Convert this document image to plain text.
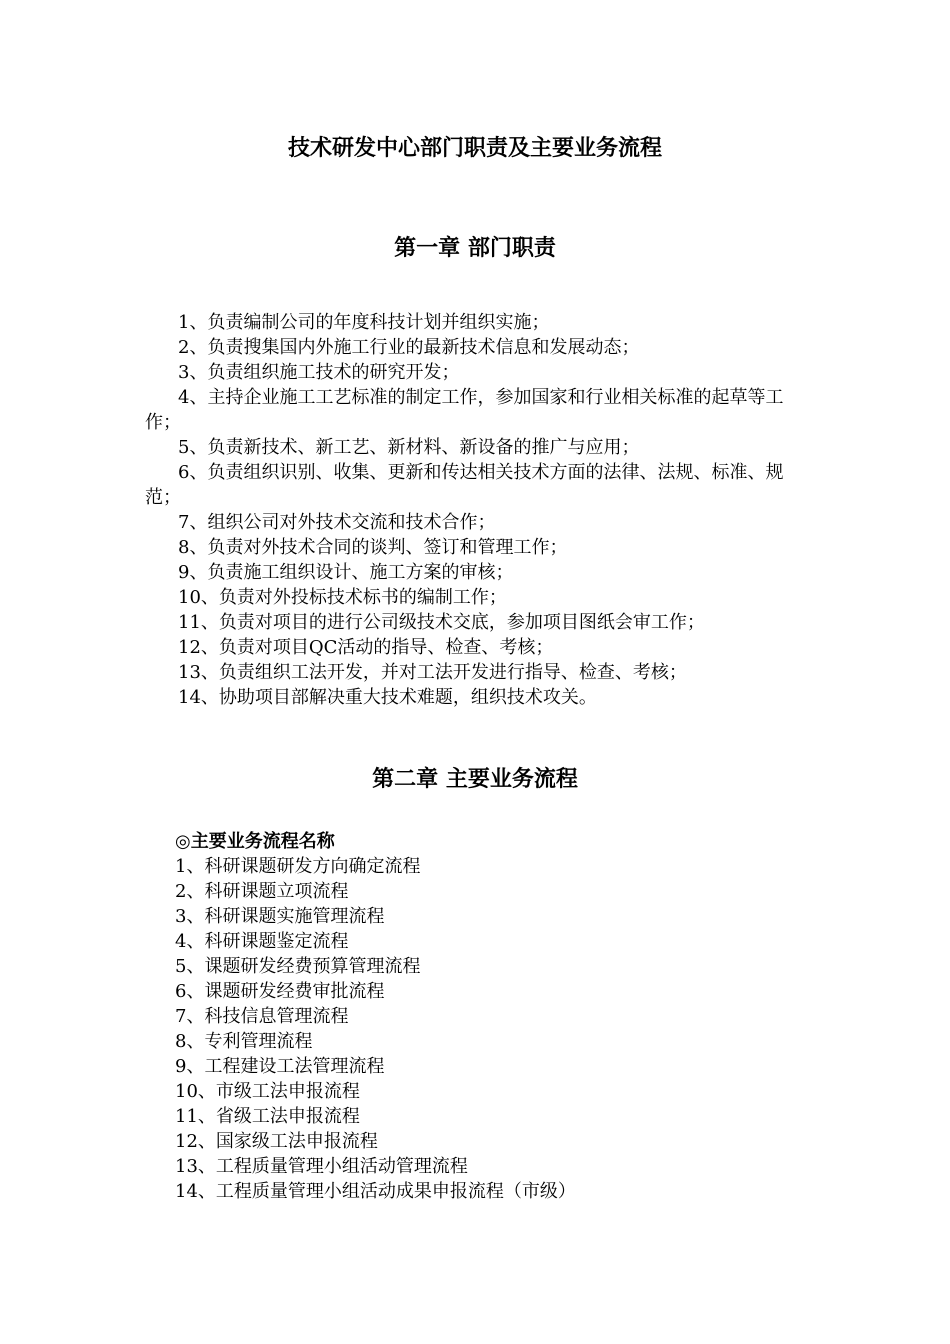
技术研发中心部门职责及主要业务流程
第一章 部门职责
1、负责编制公司的年度科技计划并组织实施；
2、负责搜集国内外施工行业的最新技术信息和发展动态；
3、负责组织施工技术的研究开发；
4、主持企业施工工艺标准的制定工作，参加国家和行业相关标准的起草等工作；
5、负责新技术、新工艺、新材料、新设备的推广与应用；
6、负责组织识别、收集、更新和传达相关技术方面的法律、法规、标准、规范；
7、组织公司对外技术交流和技术合作；
8、负责对外技术合同的谈判、签订和管理工作；
9、负责施工组织设计、施工方案的审核；
10、负责对外投标技术标书的编制工作；
11、负责对项目的进行公司级技术交底，参加项目图纸会审工作；
12、负责对项目QC活动的指导、检查、考核；
13、负责组织工法开发，并对工法开发进行指导、检查、考核；
14、协助项目部解决重大技术难题，组织技术攻关。
第二章 主要业务流程
◎主要业务流程名称
1、科研课题研发方向确定流程
2、科研课题立项流程
3、科研课题实施管理流程
4、科研课题鉴定流程
5、课题研发经费预算管理流程
6、课题研发经费审批流程
7、科技信息管理流程
8、专利管理流程
9、工程建设工法管理流程
10、市级工法申报流程
11、省级工法申报流程
12、国家级工法申报流程
13、工程质量管理小组活动管理流程
14、工程质量管理小组活动成果申报流程（市级）
